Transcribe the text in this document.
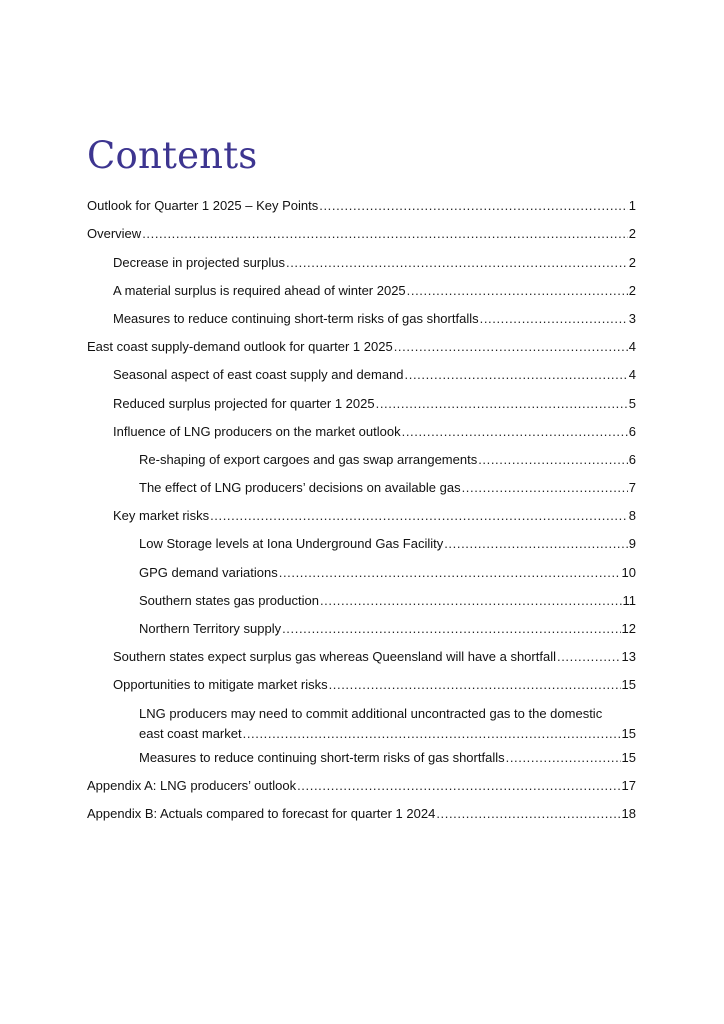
Contents
Outlook for Quarter 1 2025 – Key Points .....	1
Overview .....	2
Decrease in projected surplus .....	2
A material surplus is required ahead of winter 2025 .....	2
Measures to reduce continuing short-term risks of gas shortfalls .....	3
East coast supply-demand outlook for quarter 1 2025 .....	4
Seasonal aspect of east coast supply and demand .....	4
Reduced surplus projected for quarter 1 2025 .....	5
Influence of LNG producers on the market outlook .....	6
Re-shaping of export cargoes and gas swap arrangements .....	6
The effect of LNG producers’ decisions on available gas .....	7
Key market risks .....	8
Low Storage levels at Iona Underground Gas Facility .....	9
GPG demand variations .....	10
Southern states gas production .....	11
Northern Territory supply .....	12
Southern states expect surplus gas whereas Queensland will have a shortfall .....	13
Opportunities to mitigate market risks .....	15
LNG producers may need to commit additional uncontracted gas to the domestic
east coast market .....	15
Measures to reduce continuing short-term risks of gas shortfalls .....	15
Appendix A: LNG producers’ outlook .....	17
Appendix B: Actuals compared to forecast for quarter 1 2024 .....	18
